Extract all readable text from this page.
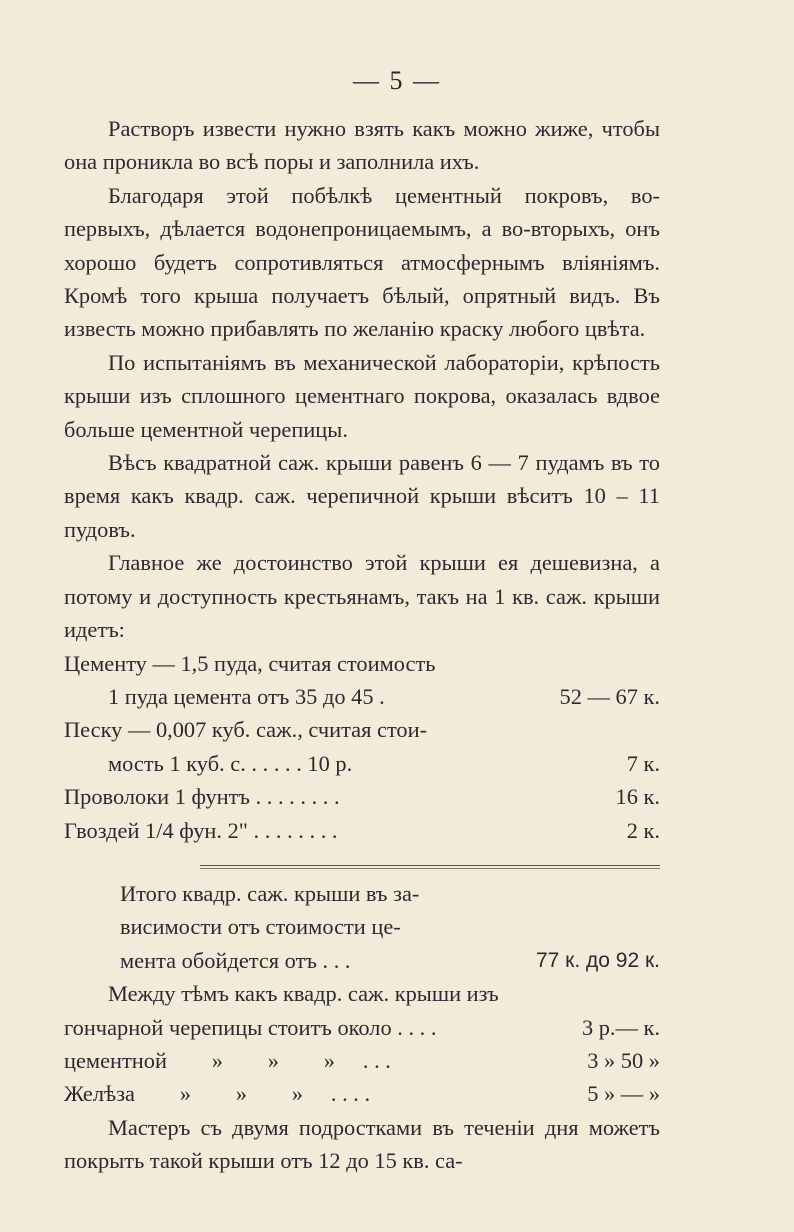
— 5 —

Растворъ извести нужно взять какъ можно жиже, чтобы она проникла во всѣ поры и заполнила ихъ.

Благодаря этой побѣлкѣ цементный покровъ, во-первыхъ, дѣлается водонепроницаемымъ, а во-вторыхъ, онъ хорошо будетъ сопротивляться атмосфернымъ вліяніямъ. Кромѣ того крыша получаетъ бѣлый, опрятный видъ. Въ известь можно прибавлять по желанію краску любого цвѣта.

По испытаніямъ въ механической лабораторіи, крѣпость крыши изъ сплошного цементнаго покрова, оказалась вдвое больше цементной черепицы.

Вѣсъ квадратной саж. крыши равенъ 6 — 7 пудамъ въ то время какъ квадр. саж. черепичной крыши вѣситъ 10 – 11 пудовъ.

Главное же достоинство этой крыши ея дешевизна, а потому и доступность крестьянамъ, такъ на 1 кв. саж. крыши идетъ:

Цементу — 1,5 пуда, считая стоимость

1 пуда цемента отъ 35 до 45 .	52 — 67 к.

Песку — 0,007 куб. саж., считая стои-

мость 1 куб. с. . . . . . 10 р.	7 к.
Проволоки 1 фунтъ . . . . . . . .	16 к.
Гвоздей 1/4 фун. 2" . . . . . . . .	2 к.

Итого квадр. саж. крыши въ за-

висимости отъ стоимости це-

мента обойдется отъ . . .	77 к. до 92 к.

Между тѣмъ какъ квадр. саж. крыши изъ

гончарной черепицы стоитъ около . . . .	3 р.— к.
цементной        »        »        »     . . .	3 » 50 »
Желѣза        »        »        »     . . . .	5 » — »

Мастеръ съ двумя подростками въ теченіи дня можетъ покрыть такой крыши отъ 12 до 15 кв. са-
